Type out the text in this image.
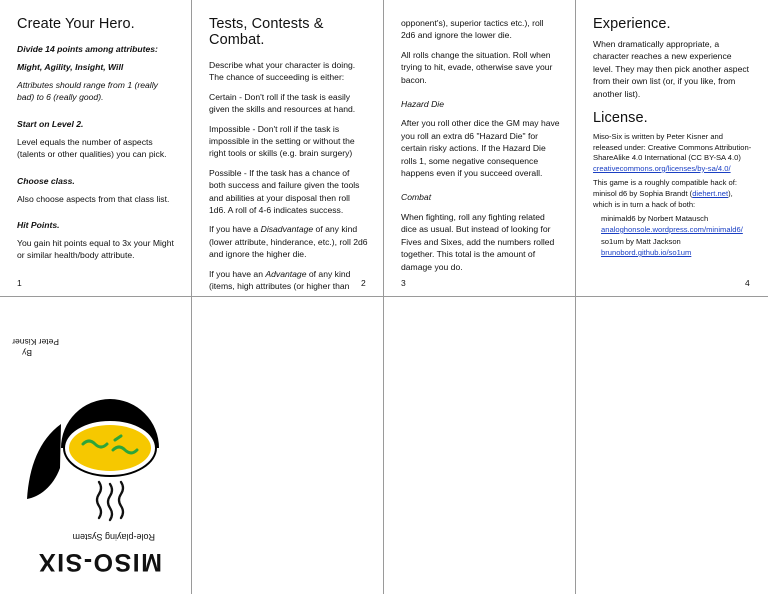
Create Your Hero.

Divide 14 points among attributes:

Might, Agility, Insight, Will

Attributes should range from 1 (really bad) to 6 (really good).

Start on Level 2.

Level equals the number of aspects (talents or other qualities) you can pick.

Choose class.

Also choose aspects from that class list.

Hit Points.

You gain hit points equal to 3x your Might or similar health/body attribute.

1
Tests, Contests & Combat.

Describe what your character is doing. The chance of succeeding is either:

Certain - Don't roll if the task is easily given the skills and resources at hand.

Impossible - Don't roll if the task is impossible in the setting or without the right tools or skills (e.g. brain surgery)

Possible - If the task has a chance of both success and failure given the tools and abilities at your disposal then roll 1d6. A roll of 4-6 indicates success.

If you have a Disadvantage of any kind (lower attribute, hinderance, etc.), roll 2d6 and ignore the higher die.

If you have an Advantage of any kind (items, high attributes (or higher than	2

opponent's), superior tactics etc.), roll 2d6 and ignore the lower die.

All rolls change the situation. Roll when trying to hit, evade, otherwise save your bacon.

Hazard Die

After you roll other dice the GM may have you roll an extra d6 "Hazard Die" for certain risky actions. If the Hazard Die rolls 1, some negative consequence happens even if you succeed overall.

Combat

When fighting, roll any fighting related dice as usual. But instead of looking for Fives and Sixes, add the numbers rolled together. This total is the amount of damage you do.

3
Experience.

When dramatically appropriate, a character reaches a new experience level. They may then pick another aspect from their own list (or, if you like, from another list).

License.

Miso-Six is written by Peter Kisner and released under: Creative Commons Attribution-ShareAlike 4.0 International (CC BY-SA 4.0)
creativecommons.org/licenses/by-sa/4.0/

This game is a roughly compatible hack of: minisol d6 by Sophia Brandt (diehert.net), which is in turn a hack of both:

minimald6 by Norbert Matausch
analoghonsole.wordpress.com/minimald6/

so1um by Matt Jackson
brunobord.github.io/so1um

4
MISO-SIX
Role-playing System
By
Peter Kisner
